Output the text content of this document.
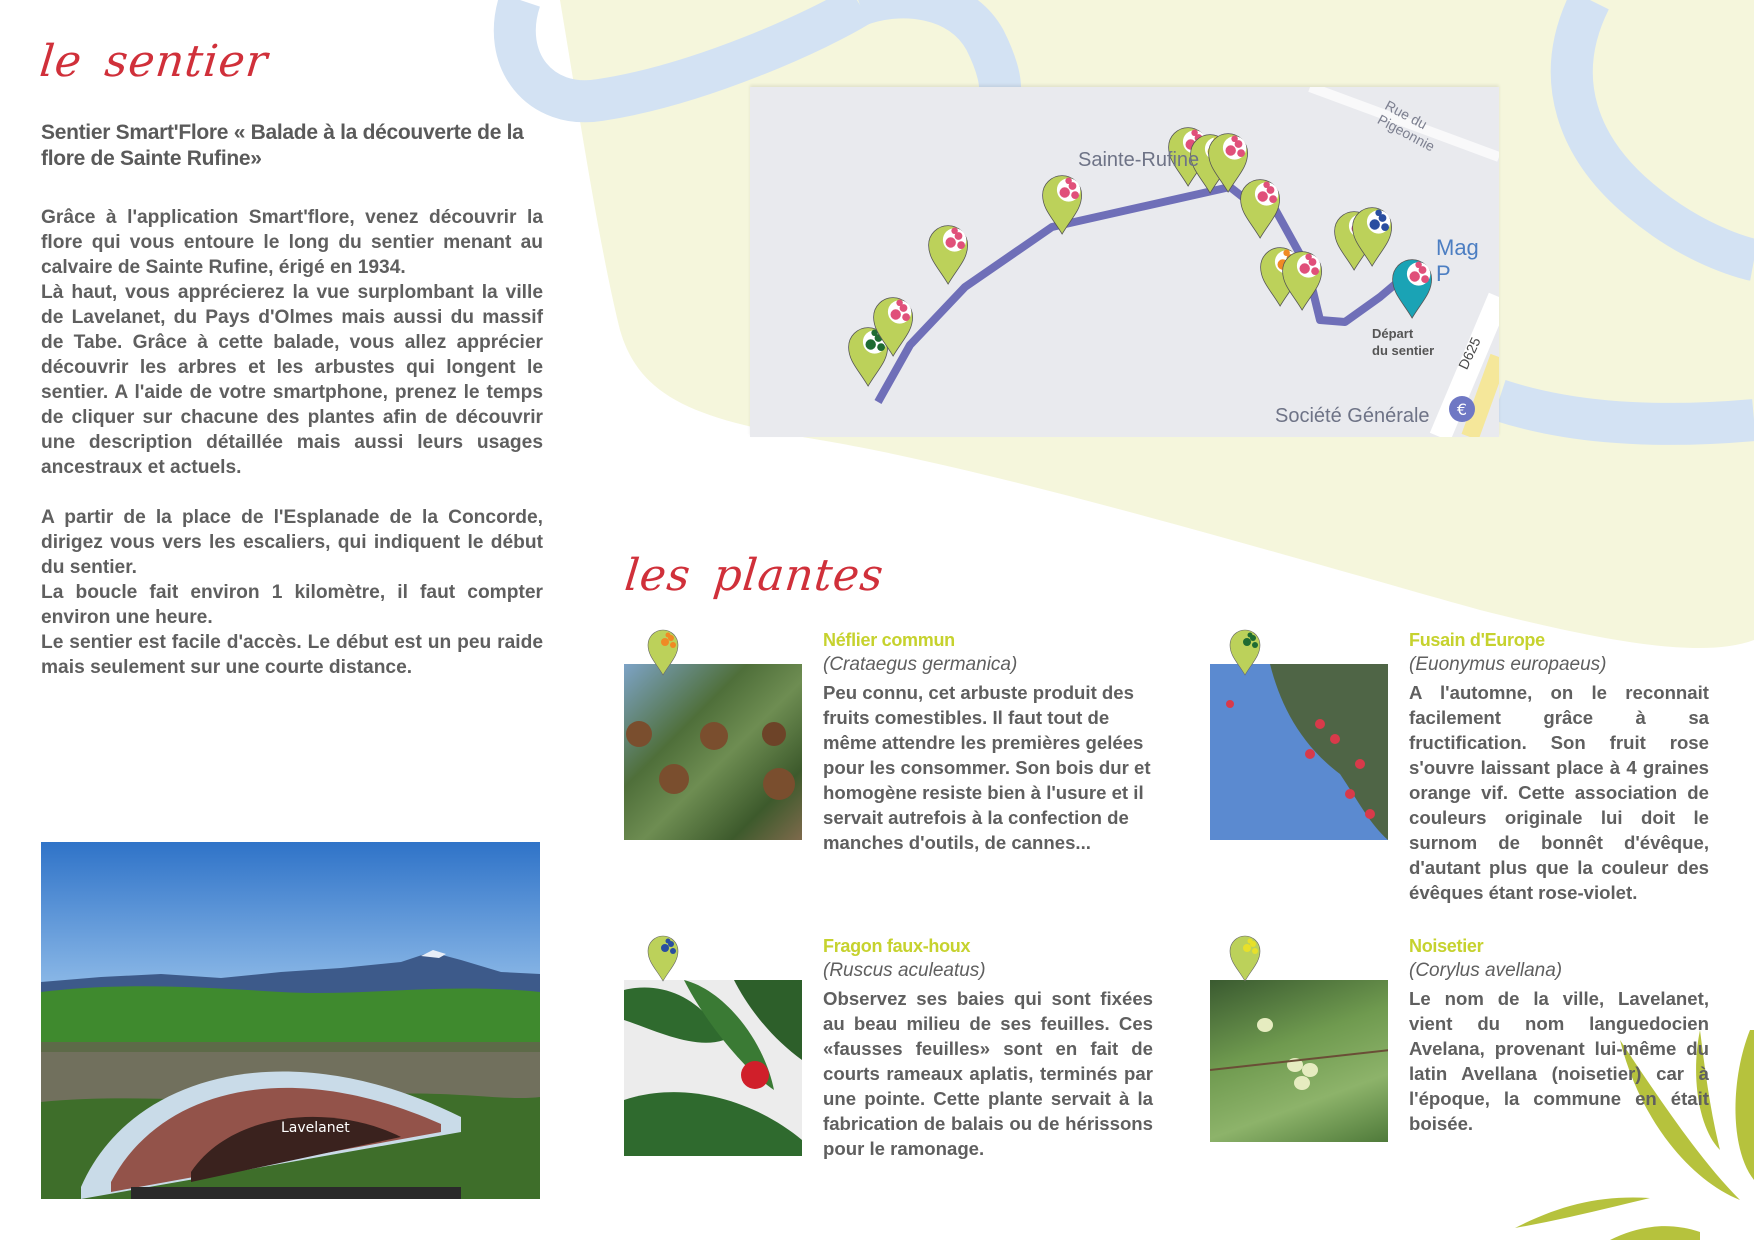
le sentier
Sentier Smart'Flore « Balade à la découverte de la flore de Sainte Rufine»

Grâce à l'application Smart'flore, venez découvrir la flore qui vous entoure le long du sentier menant au calvaire de Sainte Rufine, érigé en 1934.

Là haut, vous apprécierez la vue surplombant la ville de Lavelanet, du Pays d'Olmes mais aussi du massif de Tabe. Grâce à cette balade, vous allez apprécier découvrir les arbres et les arbustes qui longent le sentier. A l'aide de votre smartphone, prenez le temps de cliquer sur chacune des plantes afin de découvrir une description détaillée mais aussi leurs usages ancestraux et actuels.

A partir de la place de l'Esplanade de la Concorde, dirigez vous vers les escaliers, qui indiquent le début du sentier.

La boucle fait environ 1 kilomètre, il faut compter environ une heure.

Le sentier est facile d'accès. Le début est un peu raide mais seulement sur une courte distance.

€
Sainte-Rufine
Rue du Pigeonnie
Mag P
Société Générale
D625
Départ
du sentier
Lavelanet
les plantes
Néflier commun
(Crataegus germanica)
Peu connu, cet arbuste produit des fruits comestibles. Il faut tout de même attendre les premières gelées pour les consommer. Son bois dur et homogène resiste bien à l'usure et il servait autrefois à la confection de manches d'outils, de cannes...
Fusain d'Europe
(Euonymus europaeus)
A l'automne, on le reconnait facilement grâce à sa fructification. Son fruit rose s'ouvre laissant place à 4 graines orange vif. Cette association de couleurs originale lui doit le surnom de bonnêt d'évêque, d'autant plus que la couleur des évêques étant rose-violet.
Fragon faux-houx
(Ruscus aculeatus)
Observez ses baies qui sont fixées au beau milieu de ses feuilles. Ces «fausses feuilles» sont en fait de courts rameaux aplatis, terminés par une pointe. Cette plante servait à la fabrication de balais ou de hérissons pour le ramonage.
Noisetier
(Corylus avellana)
Le nom de la ville, Lavelanet, vient du nom languedocien Avelana, provenant lui-même du latin Avellana (noisetier) car à l'époque, la commune en était boisée.
